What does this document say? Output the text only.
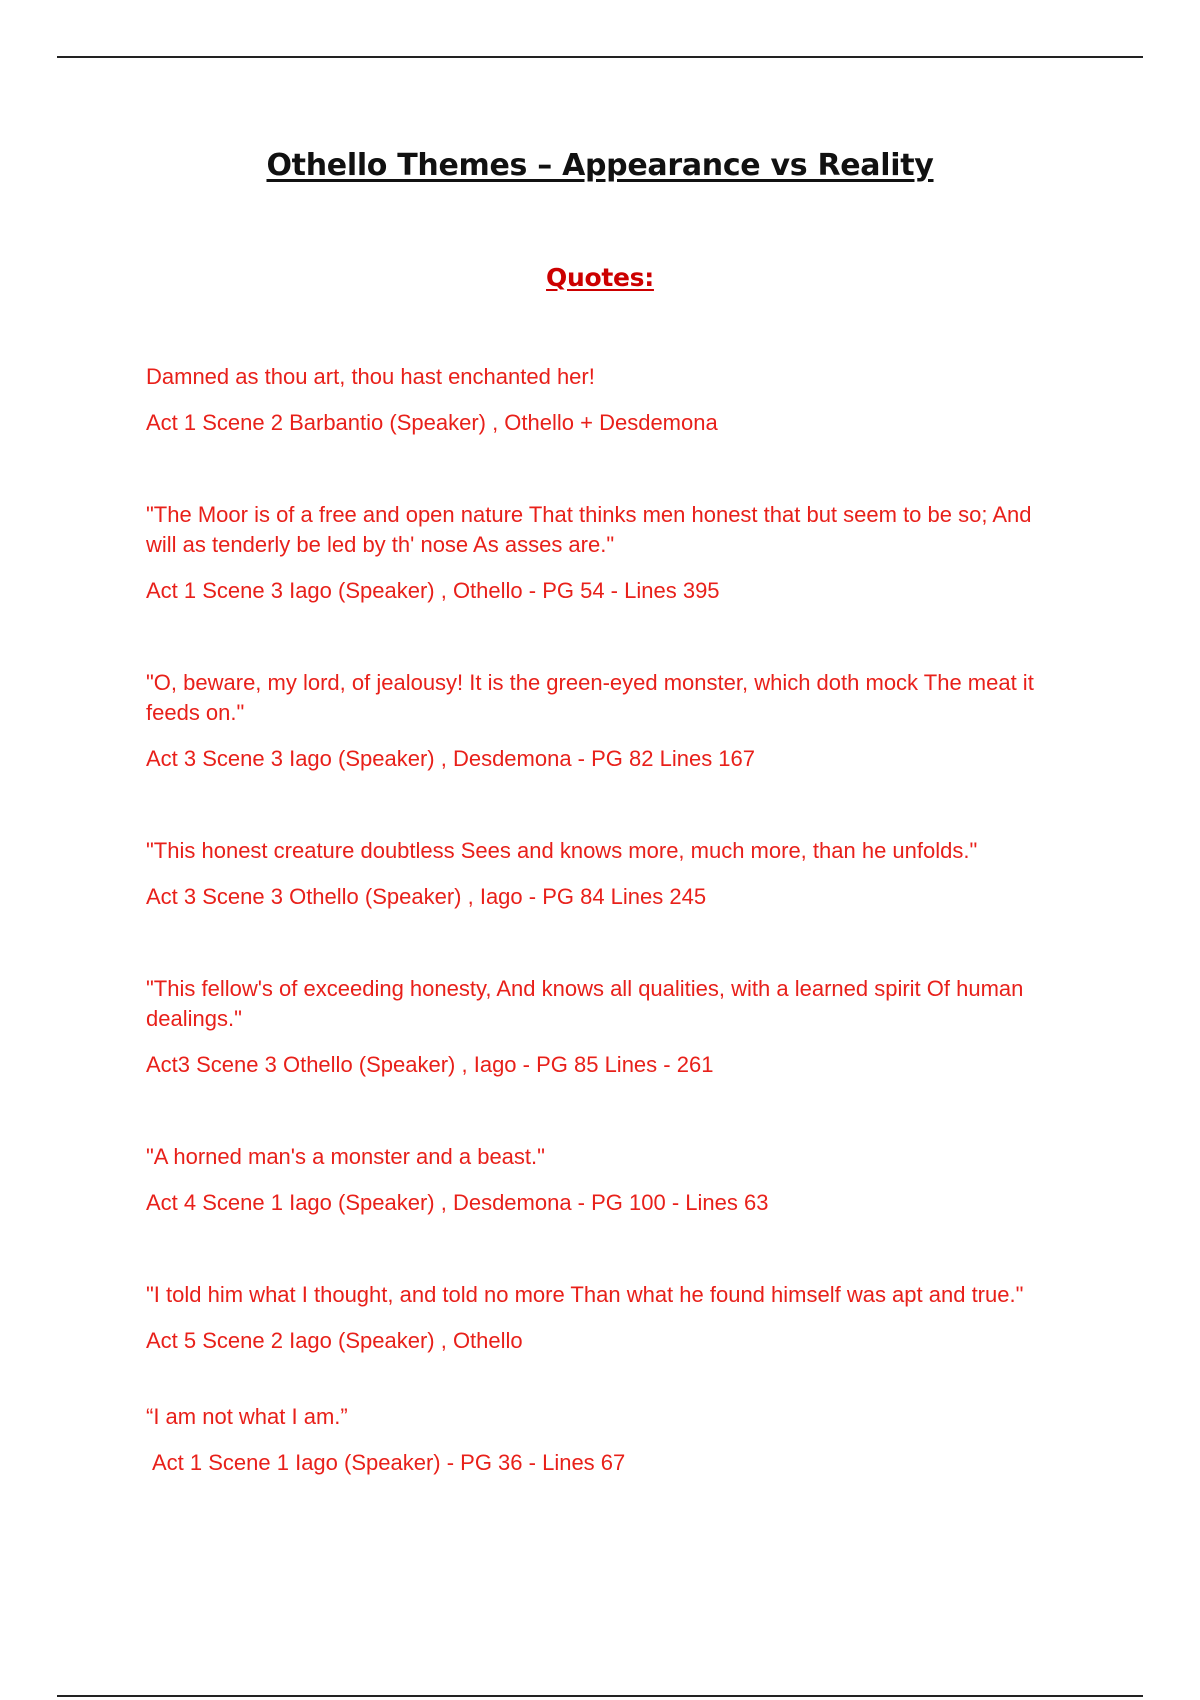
Othello Themes – Appearance vs Reality
Quotes:

Damned as thou art, thou hast enchanted her!

Act 1 Scene 2 Barbantio (Speaker) , Othello + Desdemona

"The Moor is of a free and open nature That thinks men honest that but seem to be so; And will as tenderly be led by th' nose As asses are."

Act 1 Scene 3 Iago (Speaker) , Othello - PG 54 - Lines 395

"O, beware, my lord, of jealousy! It is the green-eyed monster, which doth mock The meat it feeds on."

Act 3 Scene 3 Iago (Speaker) , Desdemona - PG 82 Lines 167

"This honest creature doubtless Sees and knows more, much more, than he unfolds."

Act 3 Scene 3 Othello (Speaker) , Iago - PG 84 Lines 245

"This fellow's of exceeding honesty, And knows all qualities, with a learned spirit Of human dealings."

Act3 Scene 3 Othello (Speaker) , Iago - PG 85 Lines - 261

"A horned man's a monster and a beast."

Act 4 Scene 1 Iago (Speaker) , Desdemona - PG 100 - Lines 63

"I told him what I thought, and told no more Than what he found himself was apt and true."

Act 5 Scene 2 Iago (Speaker) , Othello

“I am not what I am.”

Act 1 Scene 1 Iago (Speaker) - PG 36 - Lines 67
